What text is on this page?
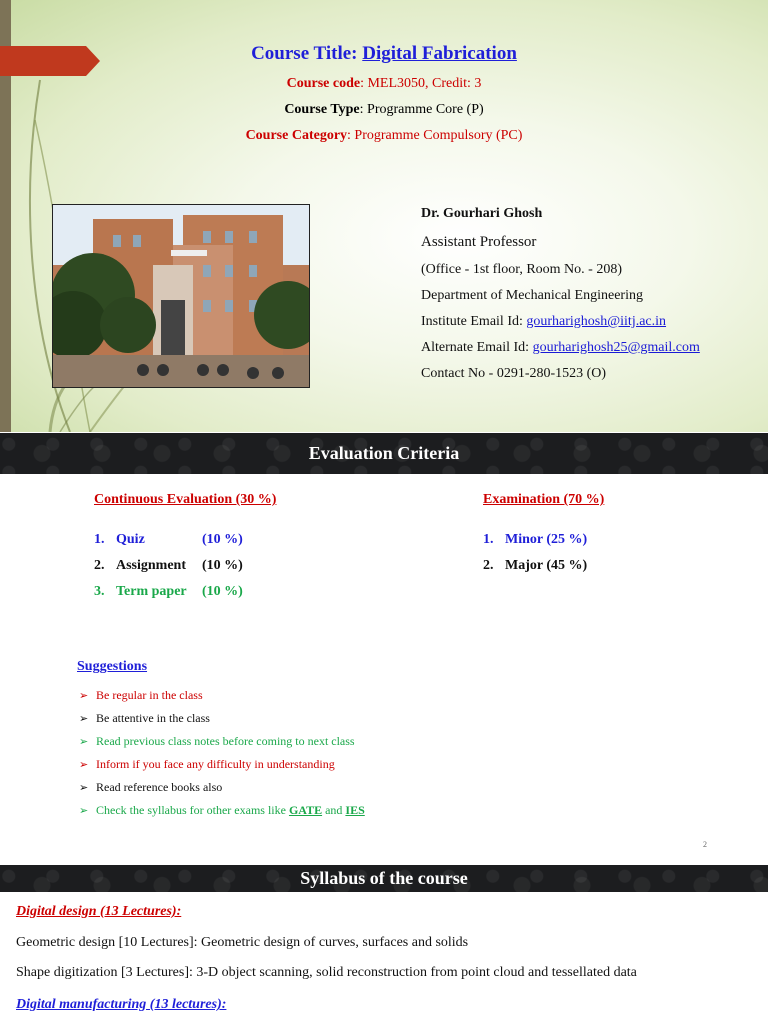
Course Title: Digital Fabrication
Course code: MEL3050, Credit: 3
Course Type: Programme Core (P)
Course Category: Programme Compulsory (PC)
Dr. Gourhari Ghosh
Assistant Professor
(Office - 1st floor, Room No. - 208)
Department of Mechanical Engineering
Institute Email Id: gourharighosh@iitj.ac.in
Alternate Email Id: gourharighosh25@gmail.com
Contact No - 0291-280-1523 (O)
Evaluation Criteria
Continuous Evaluation (30 %)	Examination (70 %)
1. Quiz	(10 %)
2. Assignment (10 %)
3. Term paper (10 %)
1. Minor (25 %)
2. Major (45 %)
Suggestions
➢ Be regular in the class
➢ Be attentive in the class
➢ Read previous class notes before coming to next class
➢ Inform if you face any difficulty in understanding
➢ Read reference books also
➢ Check the syllabus for other exams like GATE and IES
2
Syllabus of the course
Digital design (13 Lectures):
Geometric design [10 Lectures]: Geometric design of curves, surfaces and solids
Shape digitization [3 Lectures]: 3-D object scanning, solid reconstruction from point cloud and tessellated data
Digital manufacturing (13 lectures):
